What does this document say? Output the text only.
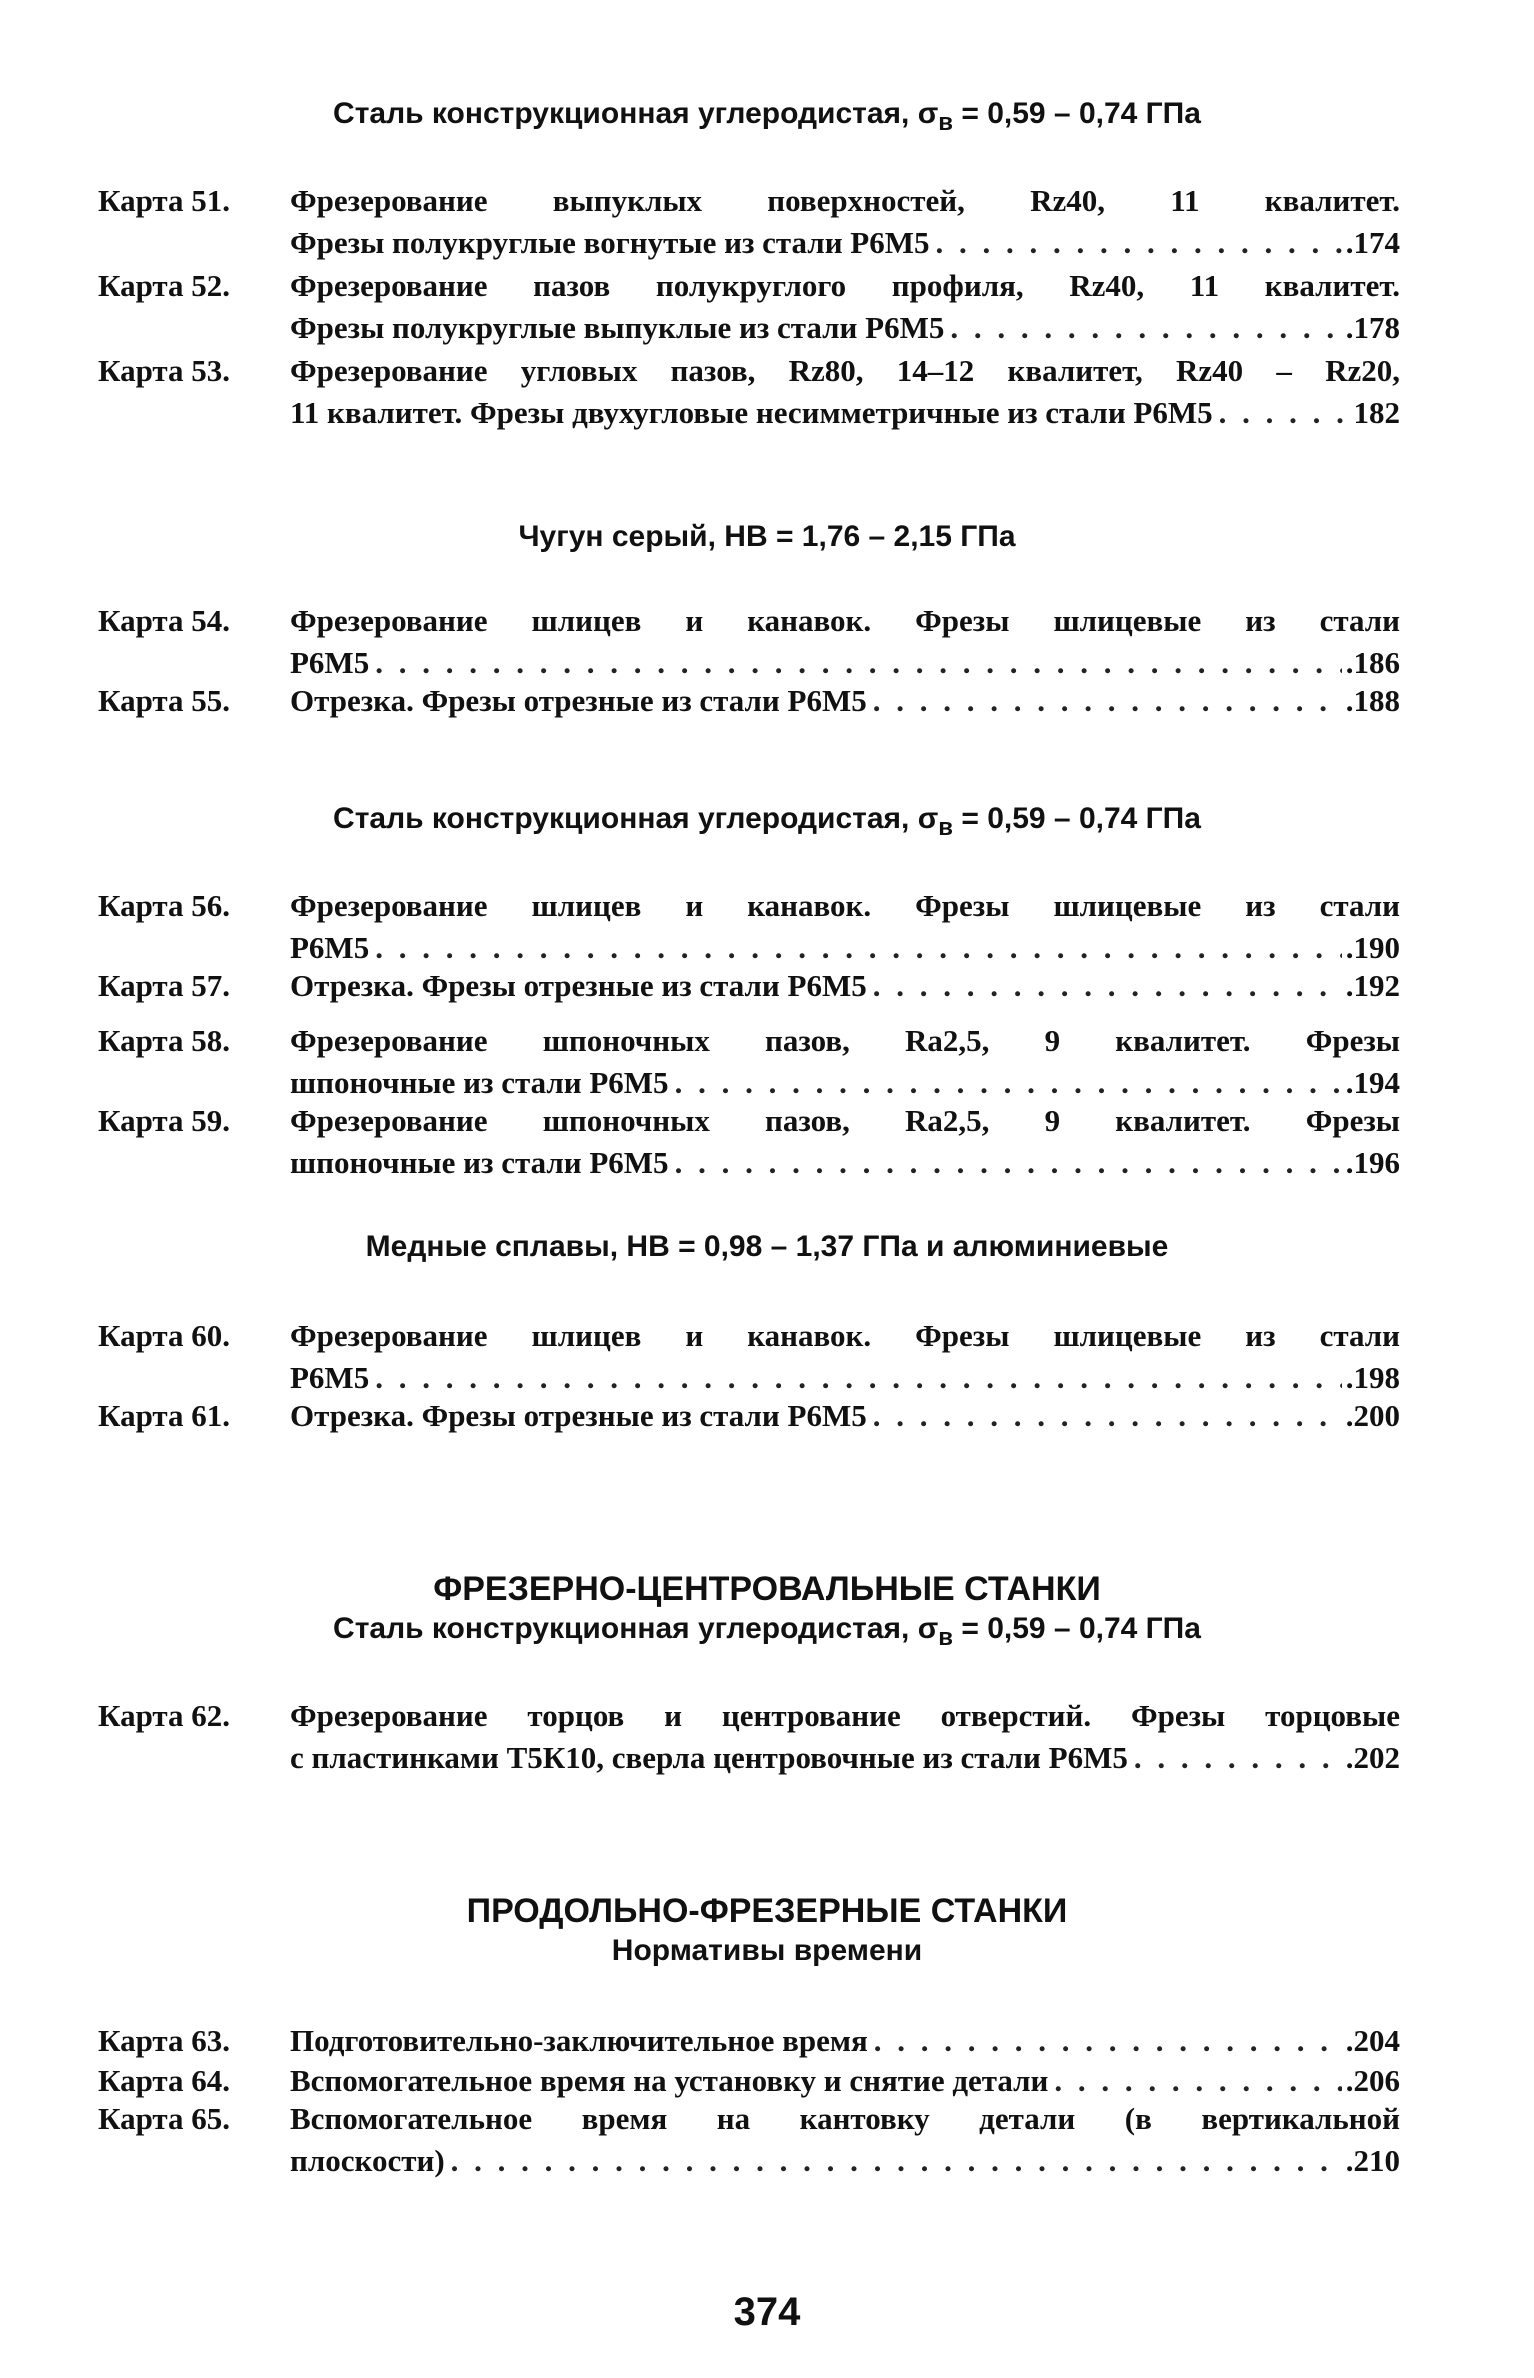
Сталь конструкционная углеродистая, $\sigma_в = 0,59 - 0,74$ ГПа
Карта 51. Фрезерование выпуклых поверхностей, Rz40, 11 квалитет.
Фрезы полукруглые вогнутые из стали Р6М5 . . .	.174
Карта 52. Фрезерование пазов полукруглого профиля, Rz40, 11 квалитет.
Фрезы полукруглые выпуклые из стали Р6М5 . . .	.178
Карта 53. Фрезерование угловых пазов, Rz80, 14–12 квалитет, Rz40 – Rz20,
11 квалитет. Фрезы двухугловые несимметричные из стали Р6М5 . . .	182
Чугун серый, НВ = 1,76 – 2,15 ГПа
Карта 54. Фрезерование шлицев и канавок. Фрезы шлицевые из стали
Р6М5 . . .	.186
Карта 55. Отрезка. Фрезы отрезные из стали Р6М5 . . .	.188
Сталь конструкционная углеродистая, $\sigma_в = 0,59 - 0,74$ ГПа
Карта 56. Фрезерование шлицев и канавок. Фрезы шлицевые из стали
Р6М5 . . .	.190
Карта 57. Отрезка. Фрезы отрезные из стали Р6М5 . . .	.192
Карта 58. Фрезерование шпоночных пазов, Ra2,5, 9 квалитет. Фрезы
шпоночные из стали Р6М5 . . .	.194
Карта 59. Фрезерование шпоночных пазов, Ra2,5, 9 квалитет. Фрезы
шпоночные из стали Р6М5 . . .	.196
Медные сплавы, НВ = 0,98 – 1,37 ГПа и алюминиевые
Карта 60. Фрезерование шлицев и канавок. Фрезы шлицевые из стали
Р6М5 . . .	.198
Карта 61. Отрезка. Фрезы отрезные из стали Р6М5 . . .	.200
ФРЕЗЕРНО-ЦЕНТРОВАЛЬНЫЕ СТАНКИ
Сталь конструкционная углеродистая, $\sigma_в = 0,59 - 0,74$ ГПа
Карта 62. Фрезерование торцов и центрование отверстий. Фрезы торцовые
с пластинками Т5К10, сверла центровочные из стали Р6М5 . . .	.202
ПРОДОЛЬНО-ФРЕЗЕРНЫЕ СТАНКИ
Нормативы времени
Карта 63. Подготовительно-заключительное время . . .	.204
Карта 64. Вспомогательное время на установку и снятие детали . . .	.206
Карта 65. Вспомогательное время на кантовку детали (в вертикальной
плоскости) . . .	.210
374
